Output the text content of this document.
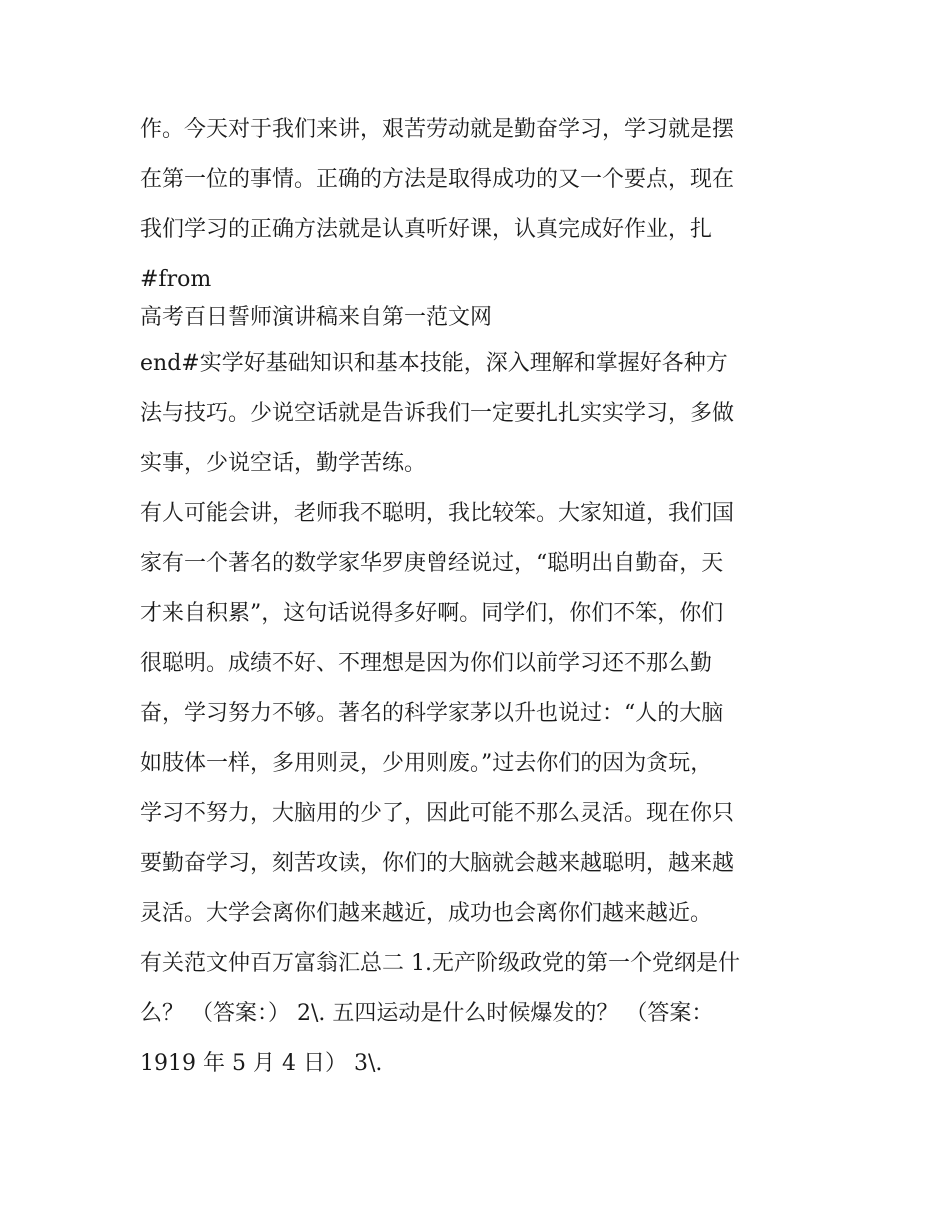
作。今天对于我们来讲，艰苦劳动就是勤奋学习，学习就是摆
在第一位的事情。正确的方法是取得成功的又一个要点，现在
我们学习的正确方法就是认真听好课，认真完成好作业，扎
#from
高考百日誓师演讲稿来自第一范文网
end#实学好基础知识和基本技能，深入理解和掌握好各种方
法与技巧。少说空话就是告诉我们一定要扎扎实实学习，多做
实事，少说空话，勤学苦练。
有人可能会讲，老师我不聪明，我比较笨。大家知道，我们国
家有一个著名的数学家华罗庚曾经说过，“聪明出自勤奋，天
才来自积累”，这句话说得多好啊。同学们，你们不笨，你们
很聪明。成绩不好、不理想是因为你们以前学习还不那么勤
奋，学习努力不够。著名的科学家茅以升也说过：“人的大脑
如肢体一样，多用则灵，少用则废。”过去你们的因为贪玩，
学习不努力，大脑用的少了，因此可能不那么灵活。现在你只
要勤奋学习，刻苦攻读，你们的大脑就会越来越聪明，越来越
灵活。大学会离你们越来越近，成功也会离你们越来越近。
有关范文仲百万富翁汇总二 1.无产阶级政党的第一个党纲是什
么？ （答案：） 2\. 五四运动是什么时候爆发的？ （答案：
1919 年 5 月 4 日） 3\.
